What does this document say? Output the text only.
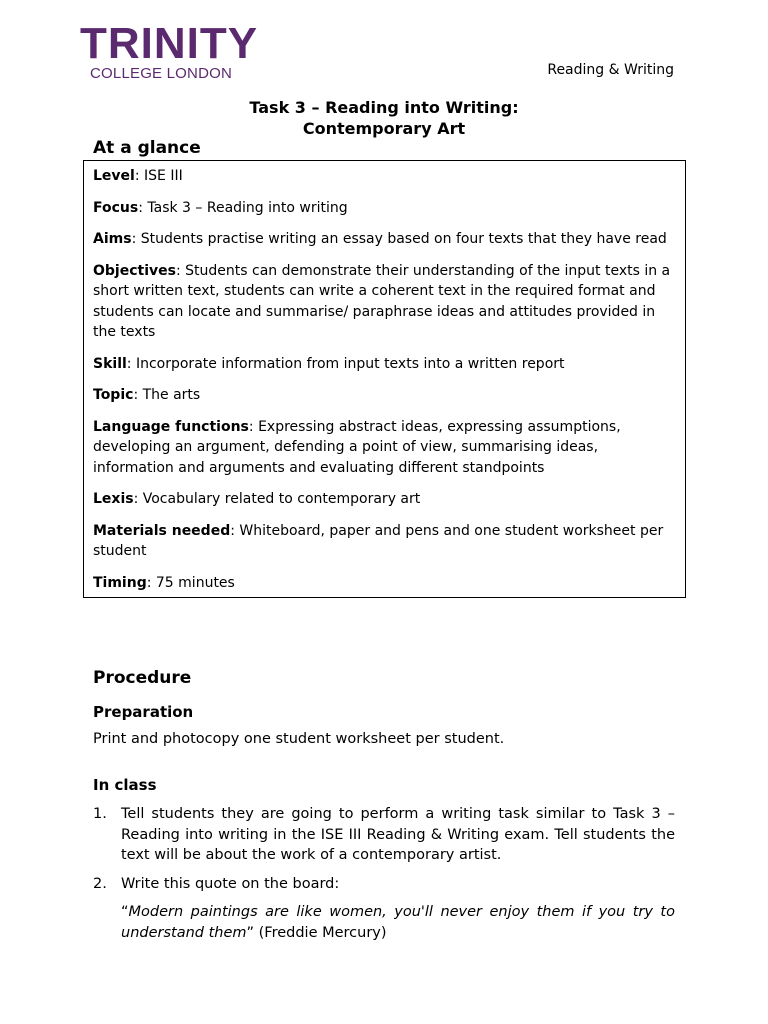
TRINITY
COLLEGE LONDON	Reading & Writing
Task 3 – Reading into Writing:
Contemporary Art
At a glance

Level: ISE III

Focus: Task 3 – Reading into writing

Aims: Students practise writing an essay based on four texts that they have read

Objectives: Students can demonstrate their understanding of the input texts in a short written text, students can write a coherent text in the required format and students can locate and summarise/ paraphrase ideas and attitudes provided in the texts

Skill: Incorporate information from input texts into a written report

Topic: The arts

Language functions: Expressing abstract ideas, expressing assumptions, developing an argument, defending a point of view, summarising ideas, information and arguments and evaluating different standpoints

Lexis: Vocabulary related to contemporary art

Materials needed: Whiteboard, paper and pens and one student worksheet per student

Timing: 75 minutes

Procedure
Preparation
Print and photocopy one student worksheet per student.
In class
1. Tell students they are going to perform a writing task similar to Task 3 – Reading into writing in the ISE III Reading & Writing exam. Tell students the text will be about the work of a contemporary artist.
2. Write this quote on the board:
“Modern paintings are like women, you'll never enjoy them if you try to understand them” (Freddie Mercury)
